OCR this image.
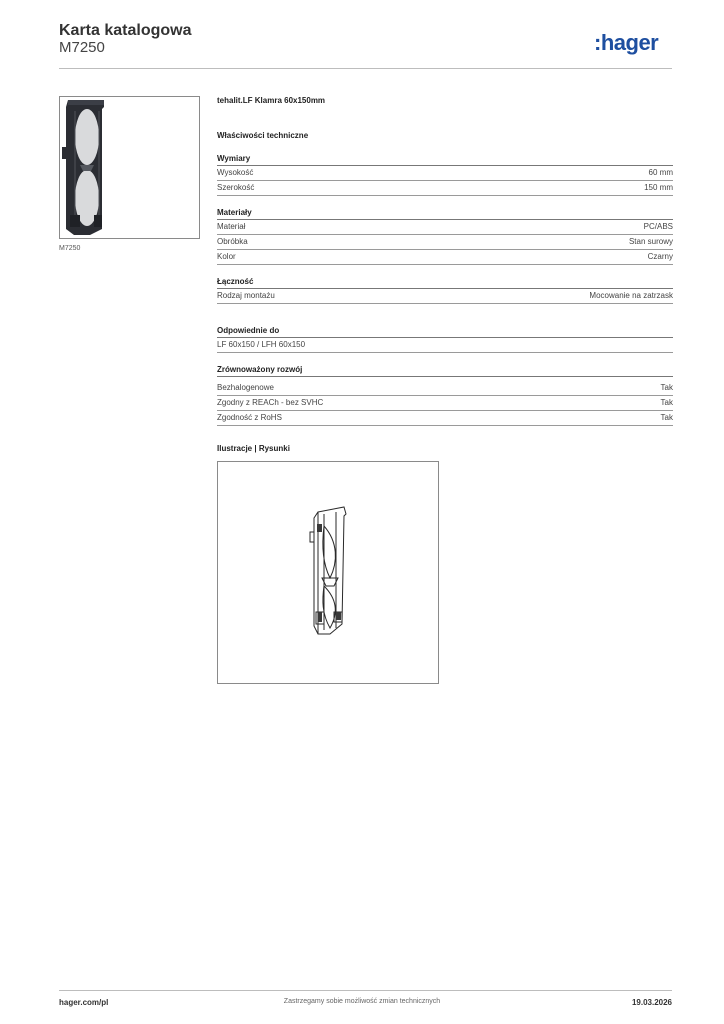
Karta katalogowa
M7250	:hager
M7250
tehalit.LF Klamra 60x150mm
Właściwości techniczne
Wymiary
Wysokość	60 mm
Szerokość	150 mm
Materiały
Materiał	PC/ABS
Obróbka	Stan surowy
Kolor	Czarny
Łączność
Rodzaj montażu	Mocowanie na zatrzask
Odpowiednie do
LF 60x150 / LFH 60x150
Zrównoważony rozwój
Bezhalogenowe	Tak
Zgodny z REACh - bez SVHC	Tak
Zgodność z RoHS	Tak
Ilustracje | Rysunki
hager.com/pl	Zastrzegamy sobie możliwość zmian technicznych	19.03.2026
